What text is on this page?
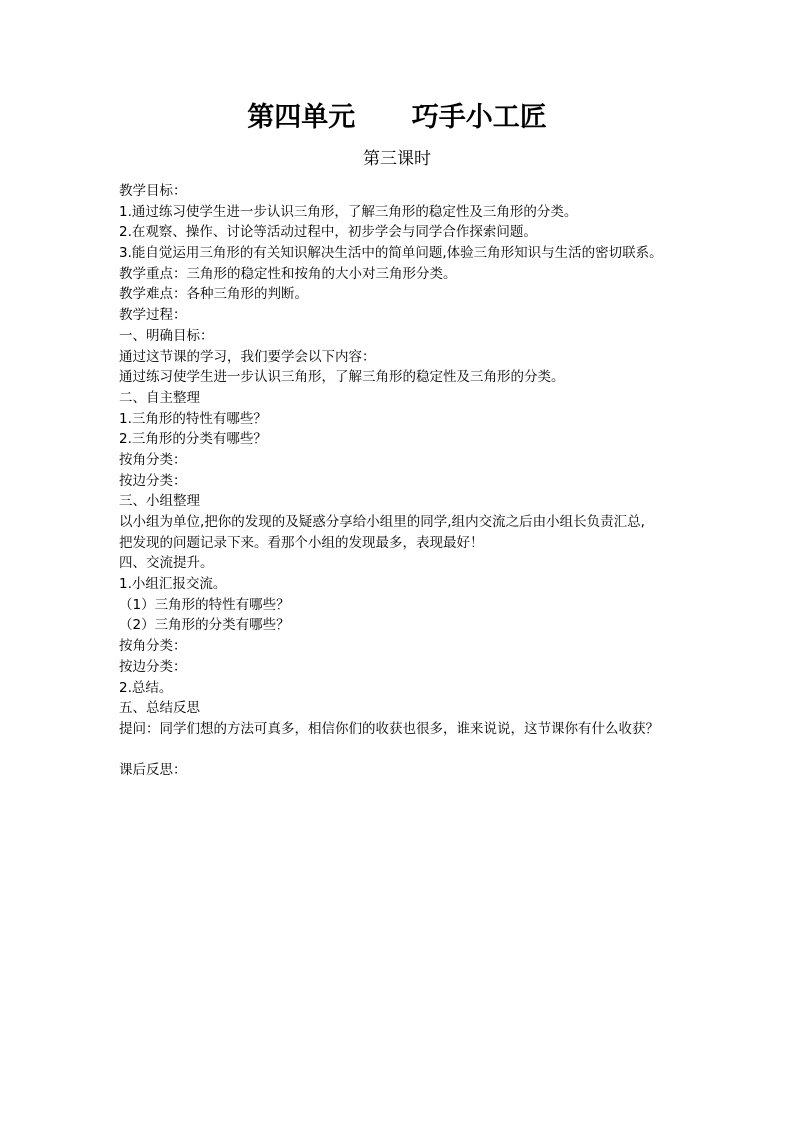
第四单元      巧手小工匠
第三课时
教学目标：
1.通过练习使学生进一步认识三角形，了解三角形的稳定性及三角形的分类。
2.在观察、操作、讨论等活动过程中，初步学会与同学合作探索问题。
3.能自觉运用三角形的有关知识解决生活中的简单问题,体验三角形知识与生活的密切联系。
教学重点：三角形的稳定性和按角的大小对三角形分类。
教学难点：各种三角形的判断。
教学过程：
一、明确目标：
通过这节课的学习，我们要学会以下内容：
通过练习使学生进一步认识三角形，了解三角形的稳定性及三角形的分类。
二、自主整理
1.三角形的特性有哪些？
2.三角形的分类有哪些？
按角分类：
按边分类：
三、小组整理
以小组为单位,把你的发现的及疑惑分享给小组里的同学,组内交流之后由小组长负责汇总,
把发现的问题记录下来。看那个小组的发现最多，表现最好！
四、交流提升。
1.小组汇报交流。
（1）三角形的特性有哪些？
（2）三角形的分类有哪些？
按角分类：
按边分类：
2.总结。
五、总结反思
提问：同学们想的方法可真多，相信你们的收获也很多，谁来说说，这节课你有什么收获？
课后反思：
